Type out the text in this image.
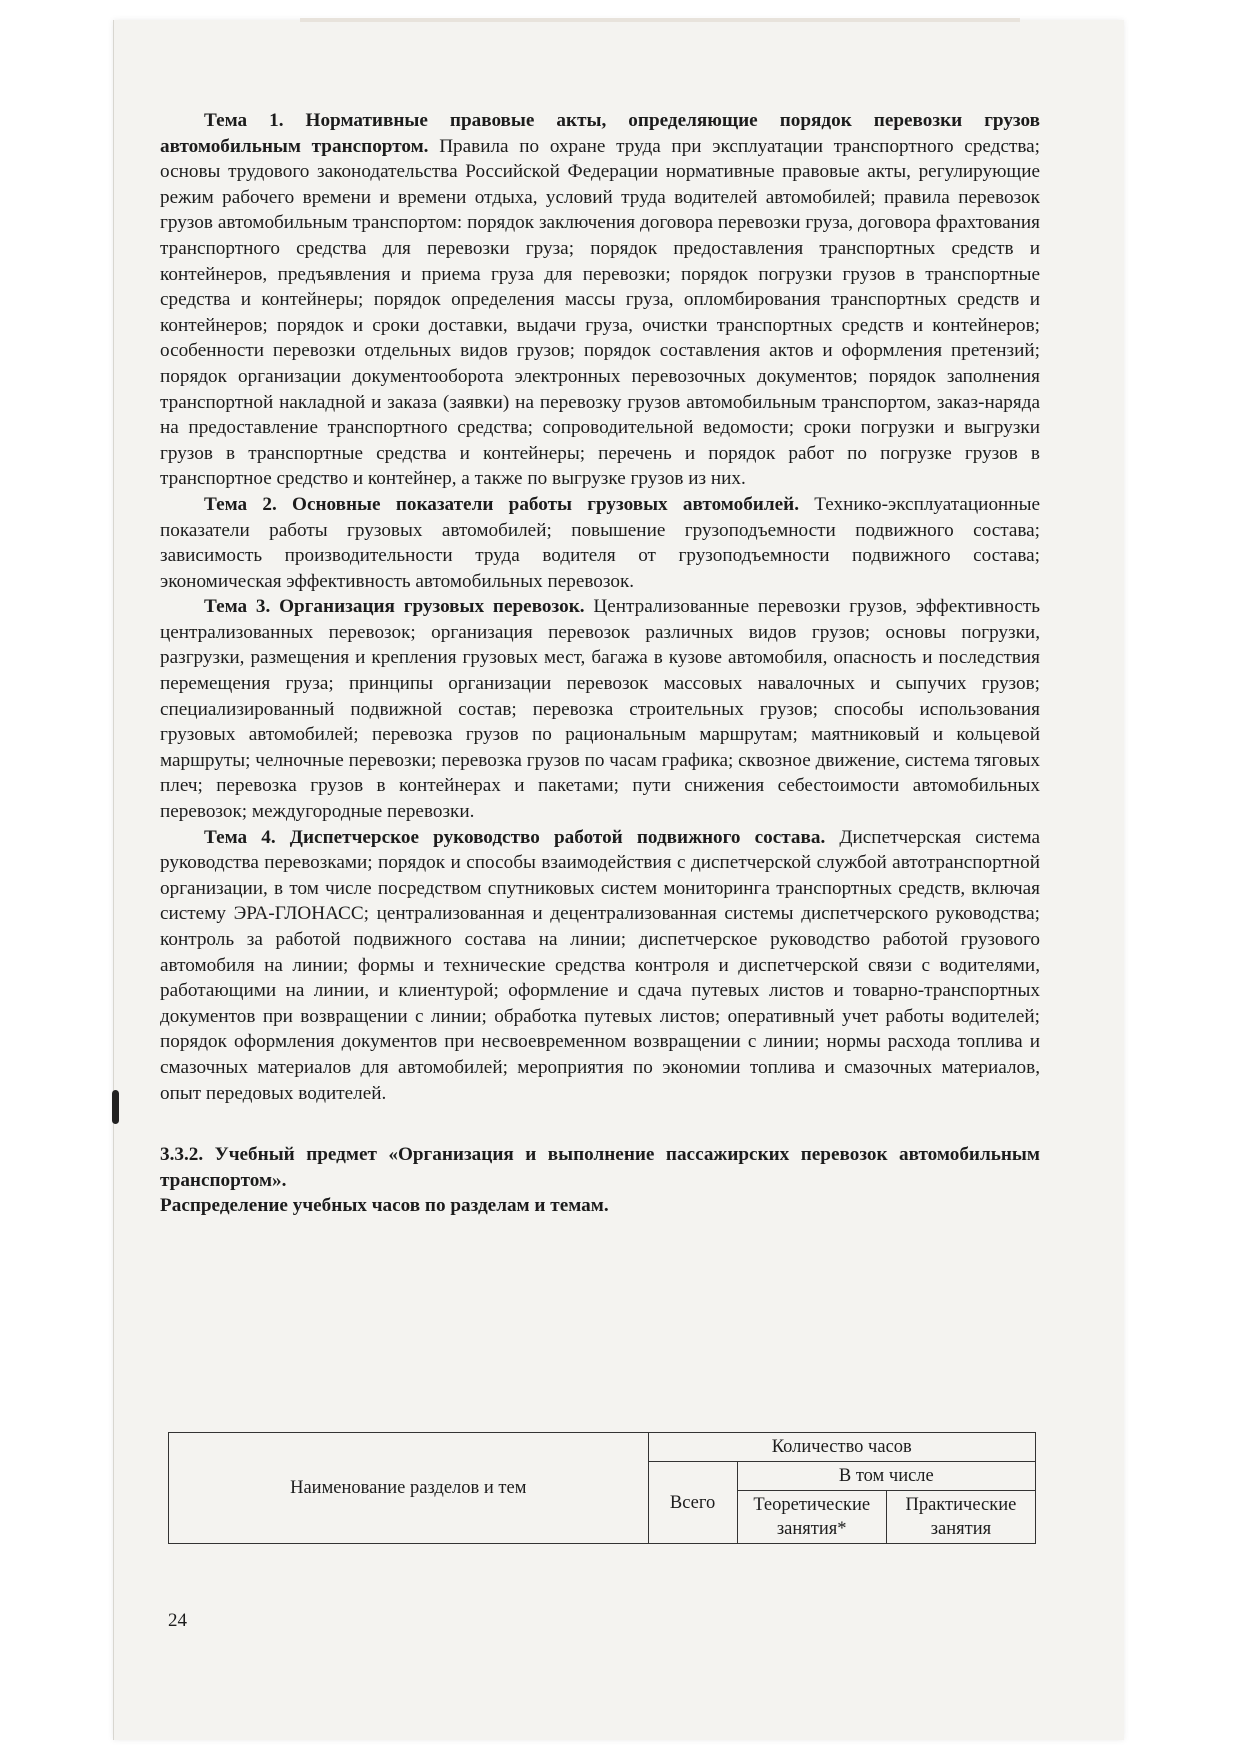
Тема 1. Нормативные правовые акты, определяющие порядок перевозки грузов автомобильным транспортом. Правила по охране труда при эксплуатации транспортного средства; основы трудового законодательства Российской Федерации нормативные правовые акты, регулирующие режим рабочего времени и времени отдыха, условий труда водителей автомобилей; правила перевозок грузов автомобильным транспортом: порядок заключения договора перевозки груза, договора фрахтования транспортного средства для перевозки груза; порядок предоставления транспортных средств и контейнеров, предъявления и приема груза для перевозки; порядок погрузки грузов в транспортные средства и контейнеры; порядок определения массы груза, опломбирования транспортных средств и контейнеров; порядок и сроки доставки, выдачи груза, очистки транспортных средств и контейнеров; особенности перевозки отдельных видов грузов; порядок составления актов и оформления претензий; порядок организации документооборота электронных перевозочных документов; порядок заполнения транспортной накладной и заказа (заявки) на перевозку грузов автомобильным транспортом, заказ-наряда на предоставление транспортного средства; сопроводительной ведомости; сроки погрузки и выгрузки грузов в транспортные средства и контейнеры; перечень и порядок работ по погрузке грузов в транспортное средство и контейнер, а также по выгрузке грузов из них.

Тема 2. Основные показатели работы грузовых автомобилей. Технико-эксплуатационные показатели работы грузовых автомобилей; повышение грузоподъемности подвижного состава; зависимость производительности труда водителя от грузоподъемности подвижного состава; экономическая эффективность автомобильных перевозок.

Тема 3. Организация грузовых перевозок. Централизованные перевозки грузов, эффективность централизованных перевозок; организация перевозок различных видов грузов; основы погрузки, разгрузки, размещения и крепления грузовых мест, багажа в кузове автомобиля, опасность и последствия перемещения груза; принципы организации перевозок массовых навалочных и сыпучих грузов; специализированный подвижной состав; перевозка строительных грузов; способы использования грузовых автомобилей; перевозка грузов по рациональным маршрутам; маятниковый и кольцевой маршруты; челночные перевозки; перевозка грузов по часам графика; сквозное движение, система тяговых плеч; перевозка грузов в контейнерах и пакетами; пути снижения себестоимости автомобильных перевозок; междугородные перевозки.

Тема 4. Диспетчерское руководство работой подвижного состава. Диспетчерская система руководства перевозками; порядок и способы взаимодействия с диспетчерской службой автотранспортной организации, в том числе посредством спутниковых систем мониторинга транспортных средств, включая систему ЭРА-ГЛОНАСС; централизованная и децентрализованная системы диспетчерского руководства; контроль за работой подвижного состава на линии; диспетчерское руководство работой грузового автомобиля на линии; формы и технические средства контроля и диспетчерской связи с водителями, работающими на линии, и клиентурой; оформление и сдача путевых листов и товарно-транспортных документов при возвращении с линии; обработка путевых листов; оперативный учет работы водителей; порядок оформления документов при несвоевременном возвращении с линии; нормы расхода топлива и смазочных материалов для автомобилей; мероприятия по экономии топлива и смазочных материалов, опыт передовых водителей.

3.3.2. Учебный предмет «Организация и выполнение пассажирских перевозок автомобильным транспортом».
Распределение учебных часов по разделам и темам.
Наименование разделов и тем	Количество часов		
	Всего	В том числе	
		Теоретические занятия*	Практические занятия
24
